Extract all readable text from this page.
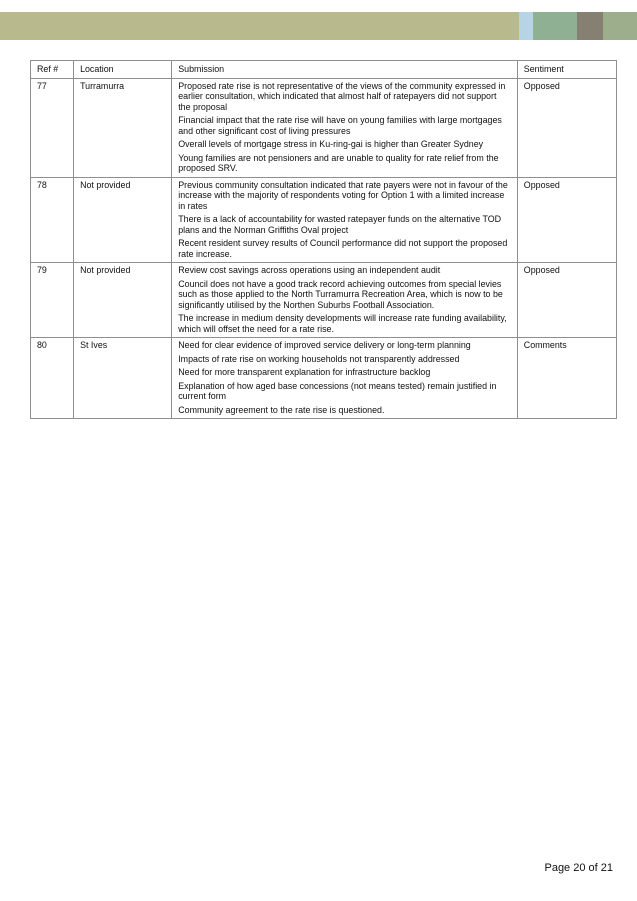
Ref #	Location	Submission	Sentiment
77	Turramurra	Proposed rate rise is not representative of the views of the community expressed in earlier consultation, which indicated that almost half of ratepayers did not support the proposal

Financial impact that the rate rise will have on young families with large mortgages and other significant cost of living pressures

Overall levels of mortgage stress in Ku-ring-gai is higher than Greater Sydney

Young families are not pensioners and are unable to quality for rate relief from the proposed SRV.	Opposed
78	Not provided	Previous community consultation indicated that rate payers were not in favour of the increase with the majority of respondents voting for Option 1 with a limited increase in rates

There is a lack of accountability for wasted ratepayer funds on the alternative TOD plans and the Norman Griffiths Oval project

Recent resident survey results of Council performance did not support the proposed rate increase.	Opposed
79	Not provided	Review cost savings across operations using an independent audit

Council does not have a good track record achieving outcomes from special levies such as those applied to the North Turramurra Recreation Area, which is now to be significantly utilised by the Northen Suburbs Football Association.

The increase in medium density developments will increase rate funding availability, which will offset the need for a rate rise.	Opposed
80	St Ives	Need for clear evidence of improved service delivery or long-term planning

Impacts of rate rise on working households not transparently addressed

Need for more transparent explanation for infrastructure backlog

Explanation of how aged base concessions (not means tested) remain justified in current form

Community agreement to the rate rise is questioned.	Comments
Page 20 of 21
